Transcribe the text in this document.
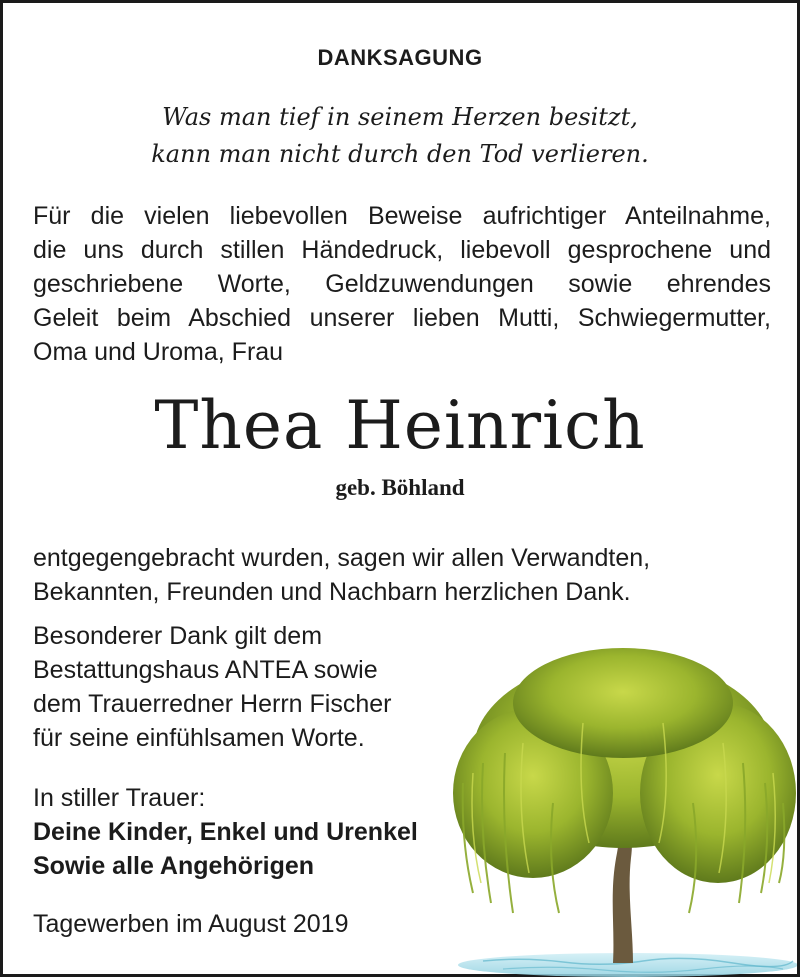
DANKSAGUNG
Was man tief in seinem Herzen besitzt,
kann man nicht durch den Tod verlieren.
Für die vielen liebevollen Beweise aufrichtiger Anteilnahme,
die uns durch stillen Händedruck, liebevoll gesprochene und
geschriebene Worte, Geldzuwendungen sowie ehrendes
Geleit beim Abschied unserer lieben Mutti, Schwiegermutter,
Oma und Uroma, Frau
Thea Heinrich
geb. Böhland
entgegengebracht wurden, sagen wir allen Verwandten,
Bekannten, Freunden und Nachbarn herzlichen Dank.
Besonderer Dank gilt dem
Bestattungshaus ANTEA sowie
dem Trauerredner Herrn Fischer
für seine einfühlsamen Worte.
In stiller Trauer:
Deine Kinder, Enkel und Urenkel
Sowie alle Angehörigen
Tagewerben im August 2019
